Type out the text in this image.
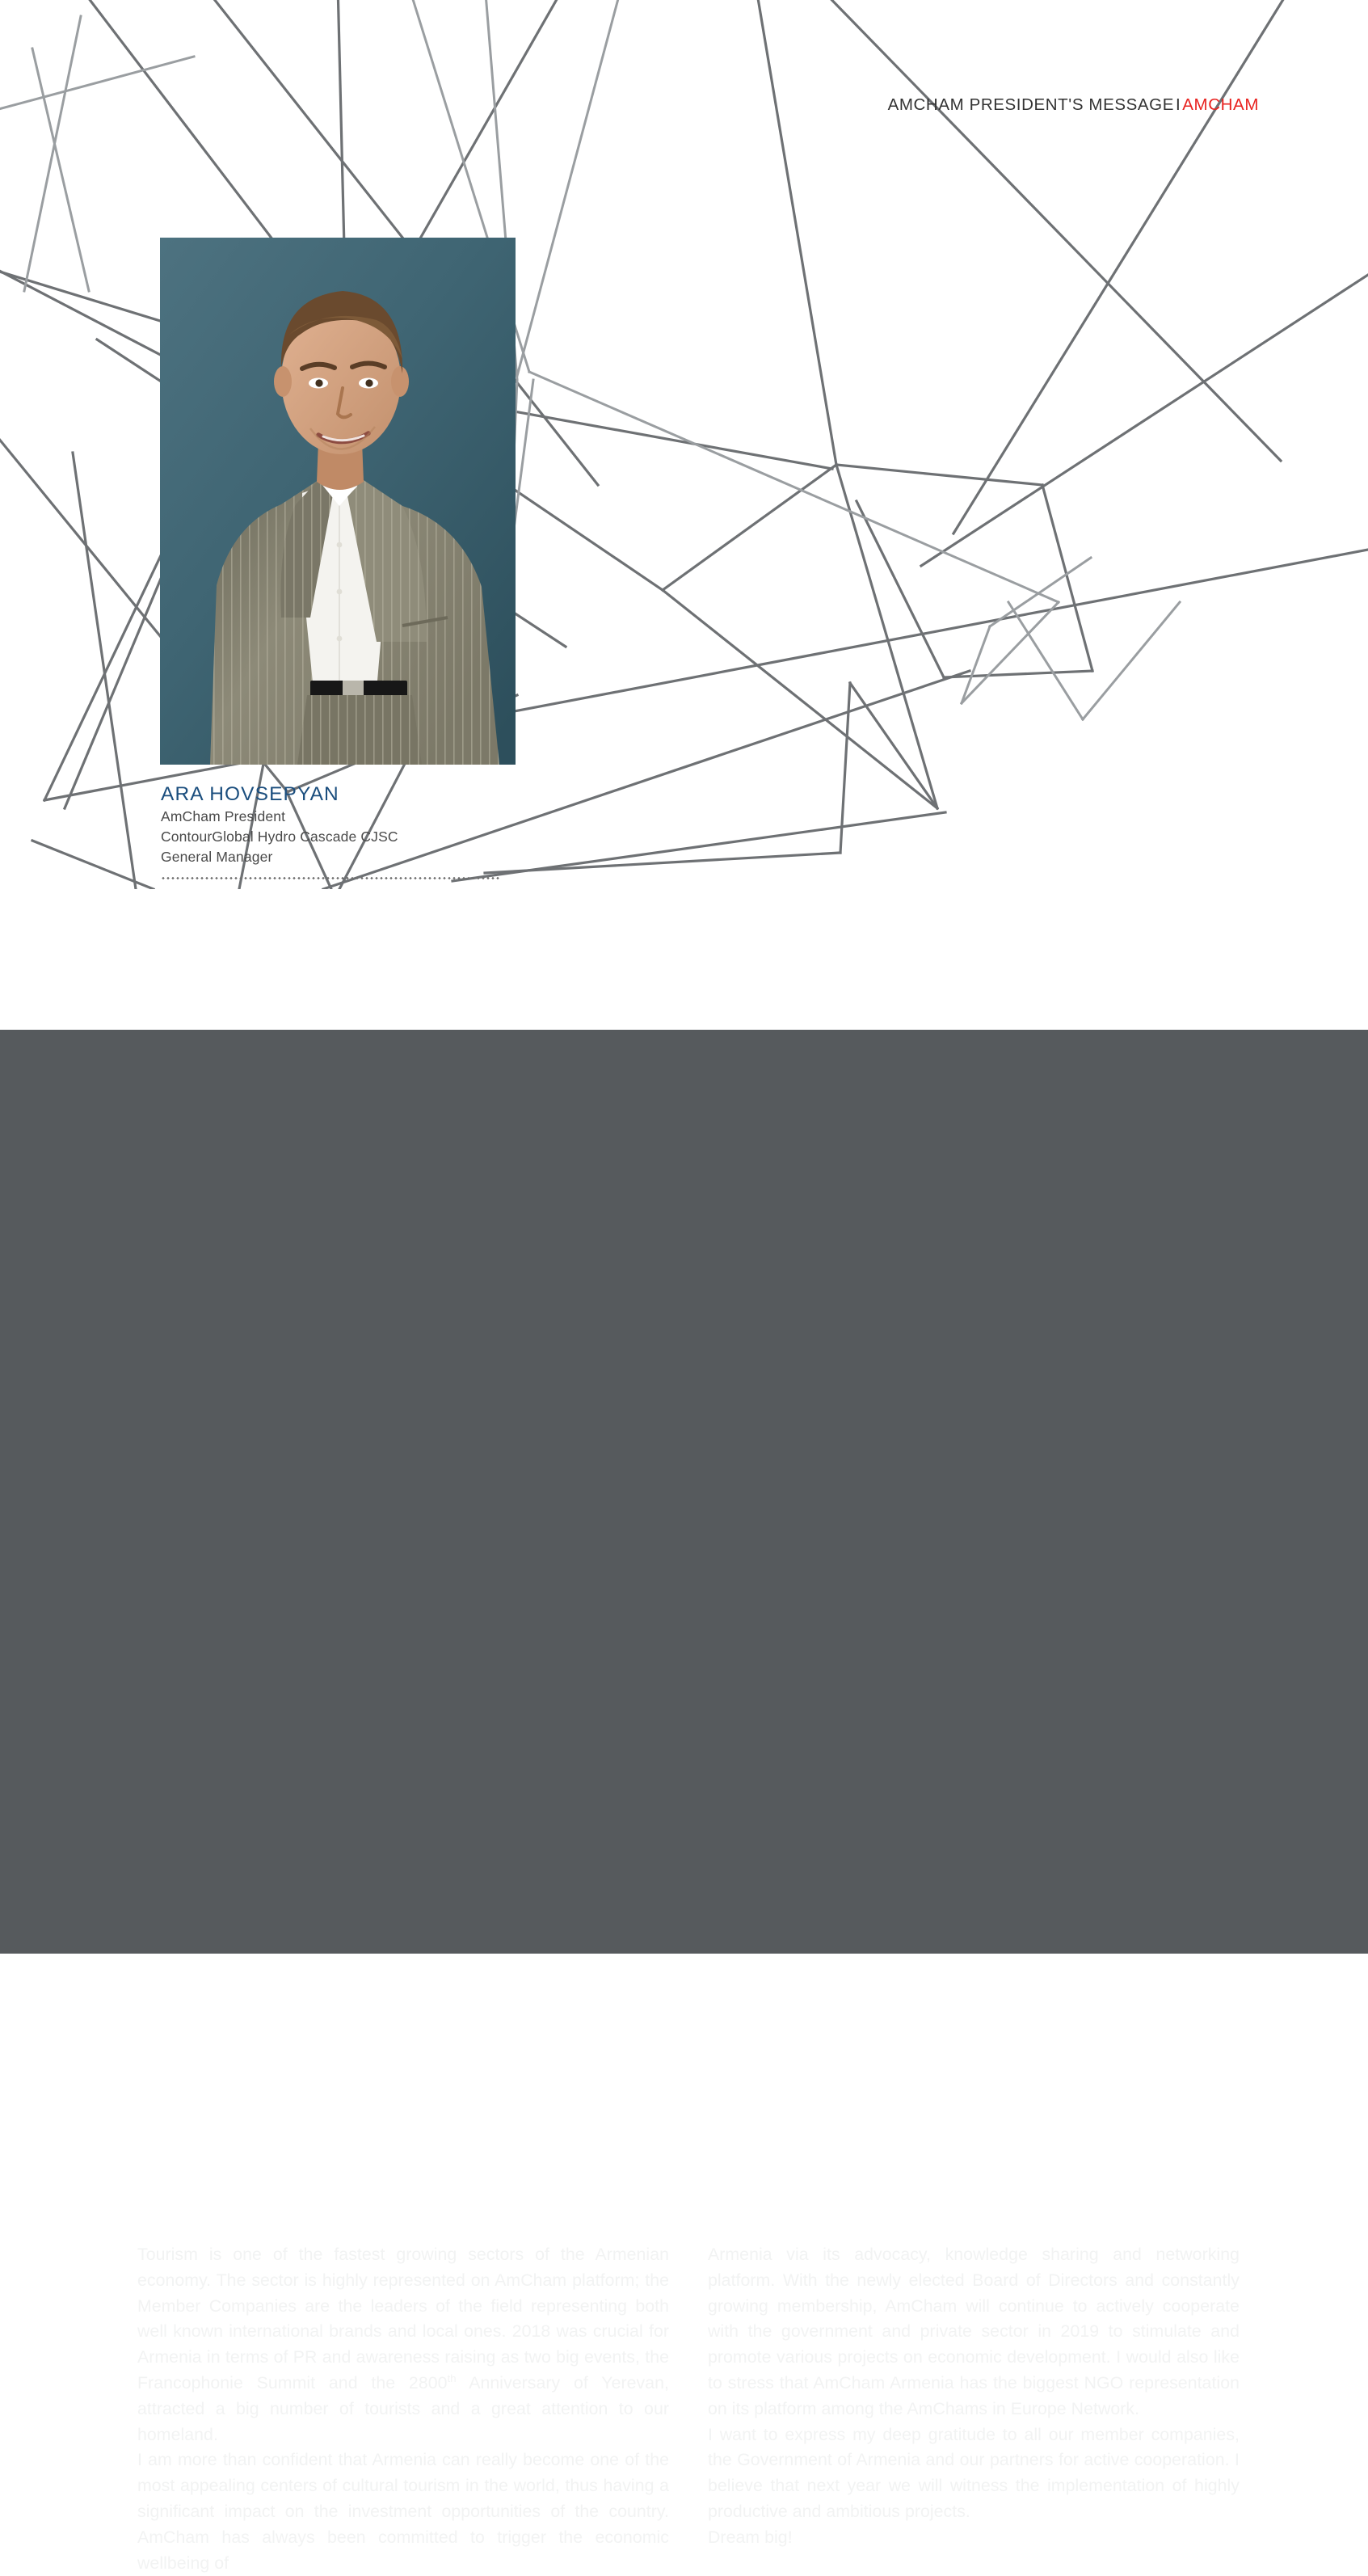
AMCHAM PRESIDENT'S MESSAGEIAMCHAM
ARA HOVSEPYAN
AmCham President
ContourGlobal Hydro Cascade CJSC
General Manager
Dear Readers,

Tourism is one of the fastest growing sectors of the Armenian economy. The sector is highly represented on AmCham platform; the Member Companies are the leaders of the field representing both well known international brands and local ones. 2018 was crucial for Armenia in terms of PR and awareness raising as two big events, the Francophonie Summit and the 2800th Anniversary of Yerevan, attracted a big number of tourists and a great attention to our homeland.

I am more than confident that Armenia can really become one of the most appealing centers of cultural tourism in the world, thus having a significant impact on the investment opportunities of the country. AmCham has always been committed to trigger the economic wellbeing of

Armenia via its advocacy, knowledge sharing and networking platform. With the newly elected Board of Directors and constantly growing membership, AmCham will continue to actively cooperate with the government and private sector in 2019 to stimulate and promote various projects on economic development. I would also like to stress that AmCham Armenia has the biggest NGO representation on its platform among the AmChams in Europe Network.

I want to express my deep gratitude to all our member companies, the Government of Armenia and our partners for active cooperation. I believe that next year we will witness the implementation of highly productive and ambitious projects.

Dream big!
